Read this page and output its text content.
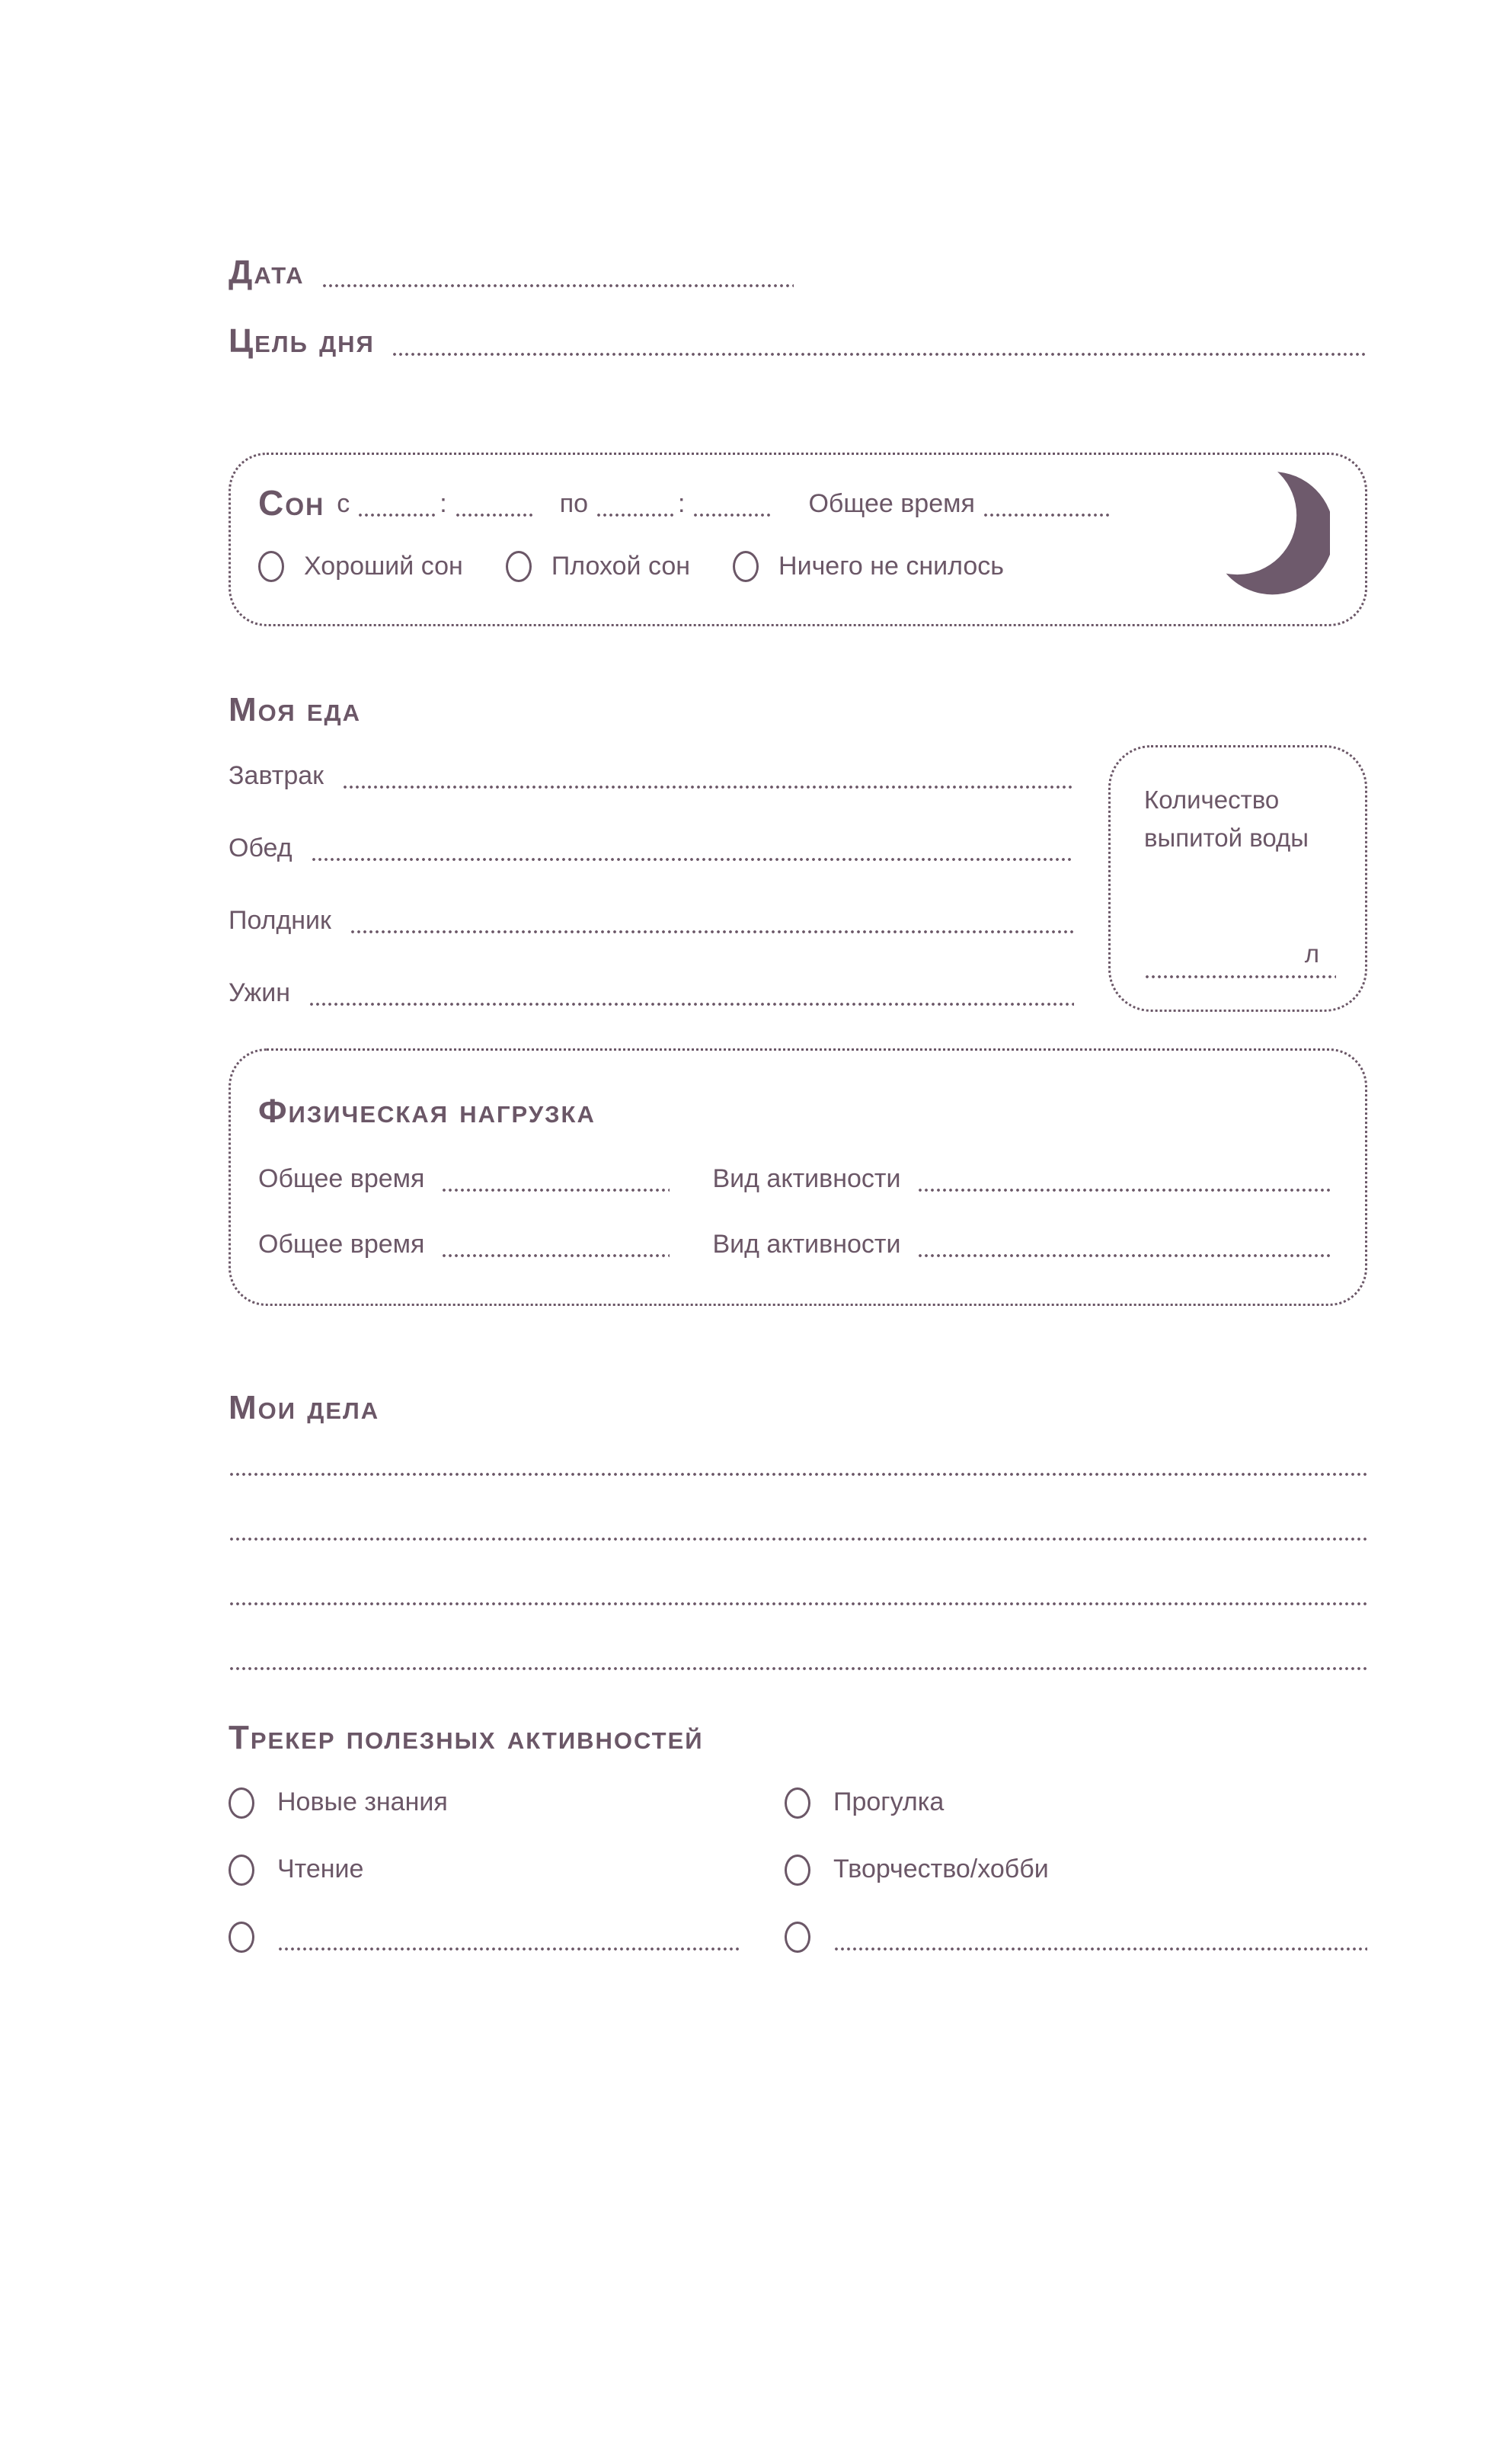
Дата
Цель дня
Сон с	:	по	:	Общее время
Хороший сон	Плохой сон	Ничего не снилось
Моя еда
Завтрак
Обед
Полдник
Ужин
Количество выпитой воды
л
Физическая нагрузка
Общее время	Вид активности
Общее время	Вид активности
Мои дела
Трекер полезных активностей
Новые знания	Прогулка
Чтение	Творчество/хобби
